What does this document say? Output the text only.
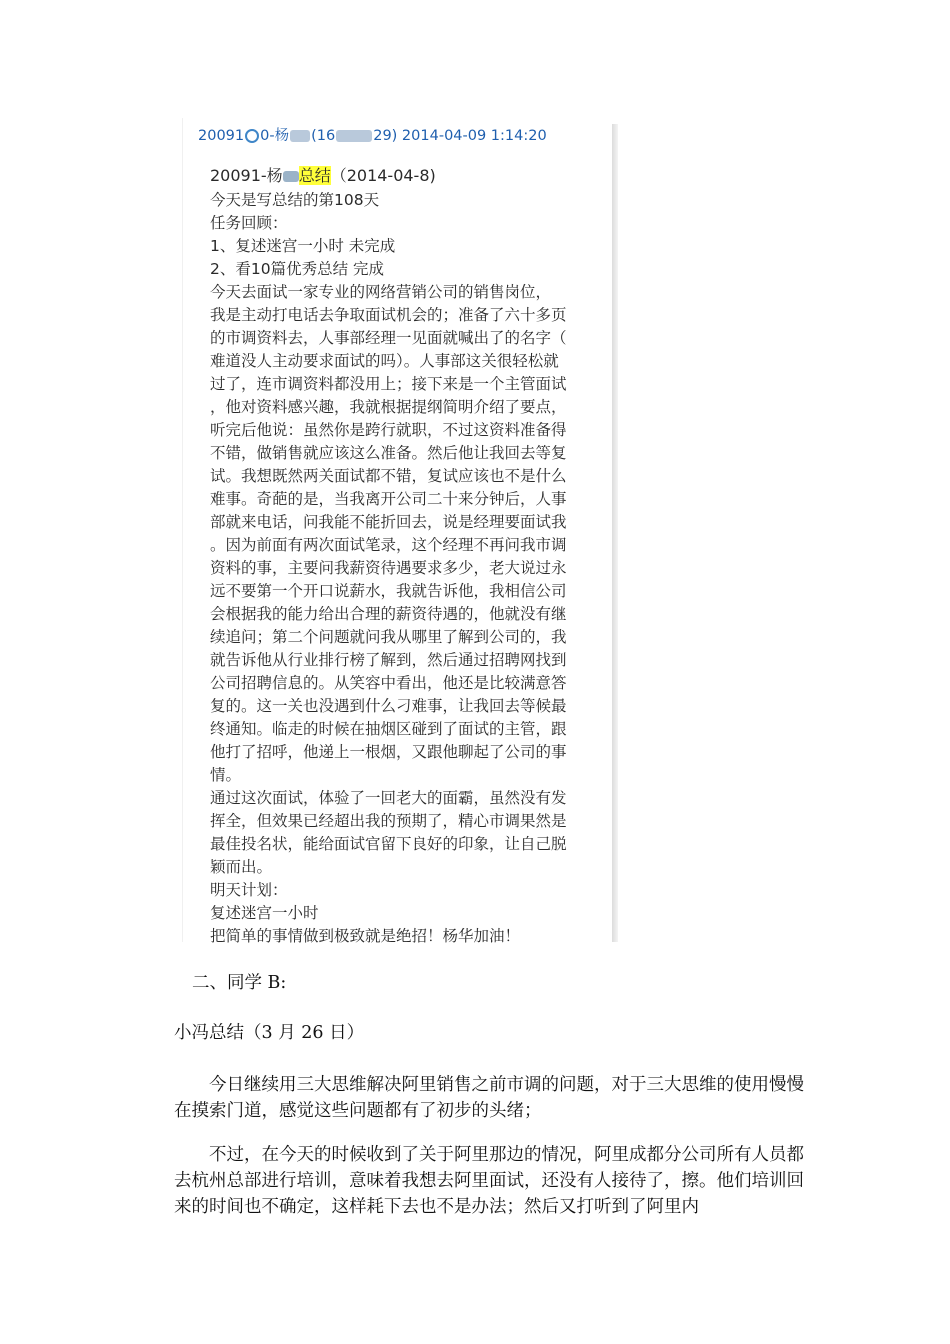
20091 0-杨 (16	29) 2014-04-09 1:14:20
20091-杨 总结（2014-04-8)
今天是写总结的第108天
任务回顾：
1、复述迷宫一小时 未完成
2、看10篇优秀总结 完成
今天去面试一家专业的网络营销公司的销售岗位，
我是主动打电话去争取面试机会的；准备了六十多页
的市调资料去，人事部经理一见面就喊出了的名字（
难道没人主动要求面试的吗）。人事部这关很轻松就
过了，连市调资料都没用上；接下来是一个主管面试
，他对资料感兴趣，我就根据提纲简明介绍了要点，
听完后他说：虽然你是跨行就职，不过这资料准备得
不错，做销售就应该这么准备。然后他让我回去等复
试。我想既然两关面试都不错，复试应该也不是什么
难事。奇葩的是，当我离开公司二十来分钟后，人事
部就来电话，问我能不能折回去，说是经理要面试我
。因为前面有两次面试笔录，这个经理不再问我市调
资料的事，主要问我薪资待遇要求多少，老大说过永
远不要第一个开口说薪水，我就告诉他，我相信公司
会根据我的能力给出合理的薪资待遇的，他就没有继
续追问；第二个问题就问我从哪里了解到公司的，我
就告诉他从行业排行榜了解到，然后通过招聘网找到
公司招聘信息的。从笑容中看出，他还是比较满意答
复的。这一关也没遇到什么刁难事，让我回去等候最
终通知。临走的时候在抽烟区碰到了面试的主管，跟
他打了招呼，他递上一根烟，又跟他聊起了公司的事
情。
通过这次面试，体验了一回老大的面霸，虽然没有发
挥全，但效果已经超出我的预期了，精心市调果然是
最佳投名状，能给面试官留下良好的印象，让自己脱
颖而出。
明天计划：
复述迷宫一小时
把简单的事情做到极致就是绝招！杨华加油！
二、同学 B:
小冯总结（3 月 26 日）
今日继续用三大思维解决阿里销售之前市调的问题，对于三大思维的使用慢慢在摸索门道，感觉这些问题都有了初步的头绪；
不过，在今天的时候收到了关于阿里那边的情况，阿里成都分公司所有人员都去杭州总部进行培训，意味着我想去阿里面试，还没有人接待了，擦。他们培训回来的时间也不确定，这样耗下去也不是办法；然后又打听到了阿里内
